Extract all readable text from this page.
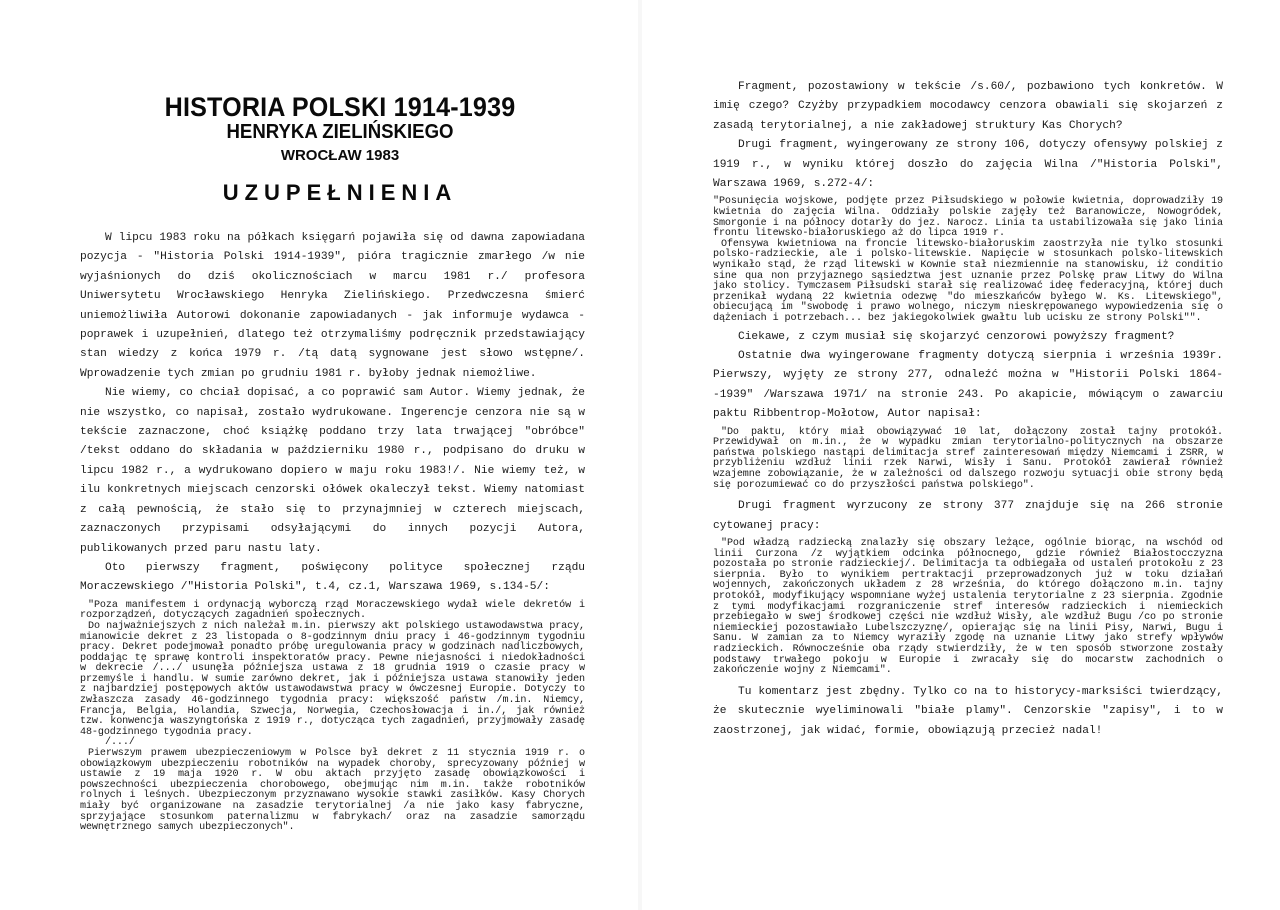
HISTORIA POLSKI 1914-1939
HENRYKA ZIELIŃSKIEGO
WROCŁAW 1983
UZUPEŁNIENIA

W lipcu 1983 roku na półkach księgarń pojawiła się od dawna zapowiadana pozycja - "Historia Polski 1914-1939", pióra tragicznie zmarłego /w nie wyjaśnionych do dziś okolicznościach w marcu 1981 r./ profesora Uniwersytetu Wrocławskiego Henryka Zielińskiego. Przedwczesna śmierć uniemożliwiła Autorowi dokonanie zapowiadanych - jak informuje wydawca - poprawek i uzupełnień, dlatego też otrzymaliśmy podręcznik przedstawiający stan wiedzy z końca 1979 r. /tą datą sygnowane jest słowo wstępne/. Wprowadzenie tych zmian po grudniu 1981 r. byłoby jednak niemożliwe.

Nie wiemy, co chciał dopisać, a co poprawić sam Autor. Wiemy jednak, że nie wszystko, co napisał, zostało wydrukowane. Ingerencje cenzora nie są w tekście zaznaczone, choć książkę poddano trzy lata trwającej "obróbce" /tekst oddano do składania w październiku 1980 r., podpisano do druku w lipcu 1982 r., a wydrukowano dopiero w maju roku 1983!/. Nie wiemy też, w ilu konkretnych miejscach cenzorski ołówek okaleczył tekst. Wiemy natomiast z całą pewnością, że stało się to przynajmniej w czterech miejscach, zaznaczonych przypisami odsyłającymi do innych pozycji Autora, publikowanych przed paru nastu laty.

Oto pierwszy fragment, poświęcony polityce społecznej rządu Moraczewskiego /"Historia Polski", t.4, cz.1, Warszawa 1969, s.134-5/:

"Poza manifestem i ordynacją wyborczą rząd Moraczewskiego wydał wiele dekretów i rozporządzeń, dotyczących zagadnień społecznych.

Do najważniejszych z nich należał m.in. pierwszy akt polskiego ustawodawstwa pracy, mianowicie dekret z 23 listopada o 8-godzinnym dniu pracy i 46-godzinnym tygodniu pracy. Dekret podejmował ponadto próbę uregulowania pracy w godzinach nadliczbowych, poddając tę sprawę kontroli inspektoratów pracy. Pewne niejasności i niedokładności w dekrecie /.../ usunęła późniejsza ustawa z 18 grudnia 1919 o czasie pracy w przemyśle i handlu. W sumie zarówno dekret, jak i późniejsza ustawa stanowiły jeden z najbardziej postępowych aktów ustawodawstwa pracy w ówczesnej Europie. Dotyczy to zwłaszcza zasady 46-godzinnego tygodnia pracy: większość państw /m.in. Niemcy, Francja, Belgia, Holandia, Szwecja, Norwegia, Czechosłowacja i in./, jak również tzw. konwencja waszyngtońska z 1919 r., dotycząca tych zagadnień, przyjmowały zasadę 48-godzinnego tygodnia pracy.

/.../

Pierwszym prawem ubezpieczeniowym w Polsce był dekret z 11 stycznia 1919 r. o obowiązkowym ubezpieczeniu robotników na wypadek choroby, sprecyzowany później w ustawie z 19 maja 1920 r. W obu aktach przyjęto zasadę obowiązkowości i powszechności ubezpieczenia chorobowego, obejmując nim m.in. także robotników rolnych i leśnych. Ubezpieczonym przyznawano wysokie stawki zasiłków. Kasy Chorych miały być organizowane na zasadzie terytorialnej /a nie jako kasy fabryczne, sprzyjające stosunkom paternalizmu w fabrykach/ oraz na zasadzie samorządu wewnętrznego samych ubezpieczonych".

Fragment, pozostawiony w tekście /s.60/, pozbawiono tych konkretów. W imię czego? Czyżby przypadkiem mocodawcy cenzora obawiali się skojarzeń z zasadą terytorialnej, a nie zakładowej struktury Kas Chorych?

Drugi fragment, wyingerowany ze strony 106, dotyczy ofensywy polskiej z 1919 r., w wyniku której doszło do zajęcia Wilna /"Historia Polski", Warszawa 1969, s.272-4/:

"Posunięcia wojskowe, podjęte przez Piłsudskiego w połowie kwietnia, doprowadziły 19 kwietnia do zajęcia Wilna. Oddziały polskie zajęły też Baranowicze, Nowogródek, Smorgonie i na północy dotarły do jez. Narocz. Linia ta ustabilizowała się jako linia frontu litewsko-białoruskiego aż do lipca 1919 r.

Ofensywa kwietniowa na froncie litewsko-białoruskim zaostrzyła nie tylko stosunki polsko-radzieckie, ale i polsko-litewskie. Napięcie w stosunkach polsko-litewskich wynikało stąd, że rząd litewski w Kownie stał niezmiennie na stanowisku, iż conditio sine qua non przyjaznego sąsiedztwa jest uznanie przez Polskę praw Litwy do Wilna jako stolicy. Tymczasem Piłsudski starał się realizować ideę federacyjną, której duch przenikał wydaną 22 kwietnia odezwę "do mieszkańców byłego W. Ks. Litewskiego", obiecującą im "swobodę i prawo wolnego, niczym nieskrępowanego wypowiedzenia się o dążeniach i potrzebach... bez jakiegokolwiek gwałtu lub ucisku ze strony Polski"".

Ciekawe, z czym musiał się skojarzyć cenzorowi powyższy fragment?

Ostatnie dwa wyingerowane fragmenty dotyczą sierpnia i września 1939r. Pierwszy, wyjęty ze strony 277, odnaleźć można w "Historii Polski 1864--1939" /Warszawa 1971/ na stronie 243. Po akapicie, mówiącym o zawarciu paktu Ribbentrop-Mołotow, Autor napisał:

"Do paktu, który miał obowiązywać 10 lat, dołączony został tajny protokół. Przewidywał on m.in., że w wypadku zmian terytorialno-politycznych na obszarze państwa polskiego nastąpi delimitacja stref zainteresowań między Niemcami i ZSRR, w przybliżeniu wzdłuż linii rzek Narwi, Wisły i Sanu. Protokół zawierał również wzajemne zobowiązanie, że w zależności od dalszego rozwoju sytuacji obie strony będą się porozumiewać co do przyszłości państwa polskiego".

Drugi fragment wyrzucony ze strony 377 znajduje się na 266 stronie cytowanej pracy:

"Pod władzą radziecką znalazły się obszary leżące, ogólnie biorąc, na wschód od linii Curzona /z wyjątkiem odcinka północnego, gdzie również Białostocczyzna pozostała po stronie radzieckiej/. Delimitacja ta odbiegała od ustaleń protokołu z 23 sierpnia. Było to wynikiem pertraktacji przeprowadzonych już w toku działań wojennych, zakończonych układem z 28 września, do którego dołączono m.in. tajny protokół, modyfikujący wspomniane wyżej ustalenia terytorialne z 23 sierpnia. Zgodnie z tymi modyfikacjami rozgraniczenie stref interesów radzieckich i niemieckich przebiegało w swej środkowej części nie wzdłuż Wisły, ale wzdłuż Bugu /co po stronie niemieckiej pozostawiało Lubelszczyznę/, opierając się na linii Pisy, Narwi, Bugu i Sanu. W zamian za to Niemcy wyraziły zgodę na uznanie Litwy jako strefy wpływów radzieckich. Równocześnie oba rządy stwierdziły, że w ten sposób stworzone zostały podstawy trwałego pokoju w Europie i zwracały się do mocarstw zachodnich o zakończenie wojny z Niemcami".

Tu komentarz jest zbędny. Tylko co na to historycy-marksiści twierdzący, że skutecznie wyeliminowali "białe plamy". Cenzorskie "zapisy", i to w zaostrzonej, jak widać, formie, obowiązują przecież nadal!
